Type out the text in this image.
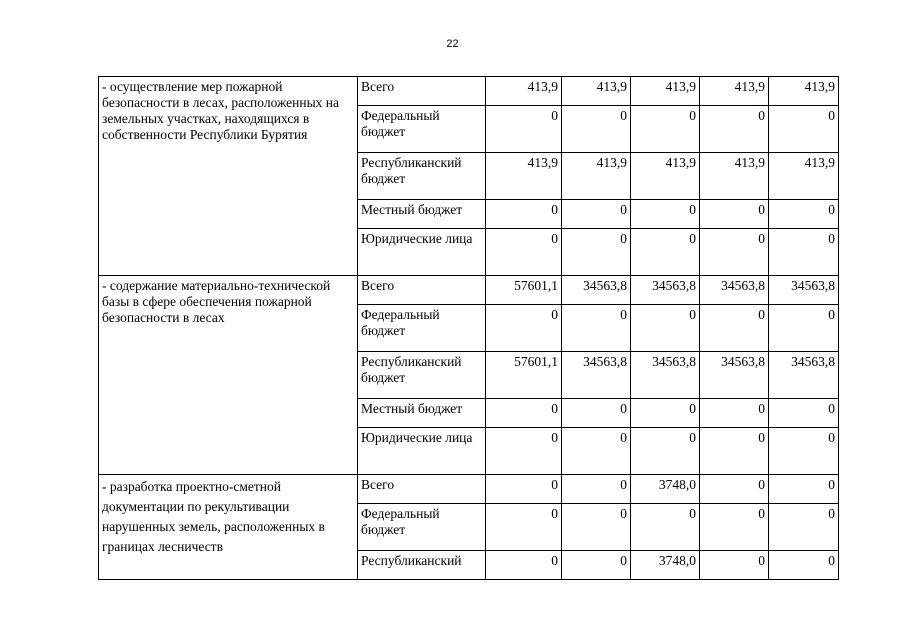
22
- осуществление мер пожарной безопасности в лесах, расположенных на земельных участках, находящихся в собственности Республики Бурятия	Всего	413,9	413,9	413,9	413,9	413,9
	Федеральный бюджет	0	0	0	0	0
	Республиканский бюджет	413,9	413,9	413,9	413,9	413,9
	Местный бюджет	0	0	0	0	0
	Юридические лица	0	0	0	0	0
- содержание материально-технической базы в сфере обеспечения пожарной безопасности в лесах	Всего	57601,1	34563,8	34563,8	34563,8	34563,8
	Федеральный бюджет	0	0	0	0	0
	Республиканский бюджет	57601,1	34563,8	34563,8	34563,8	34563,8
	Местный бюджет	0	0	0	0	0
	Юридические лица	0	0	0	0	0
- разработка проектно-сметной документации по рекультивации нарушенных земель, расположенных в границах лесничеств	Всего	0	0	3748,0	0	0
	Федеральный бюджет	0	0	0	0	0
	Республиканский	0	0	3748,0	0	0
